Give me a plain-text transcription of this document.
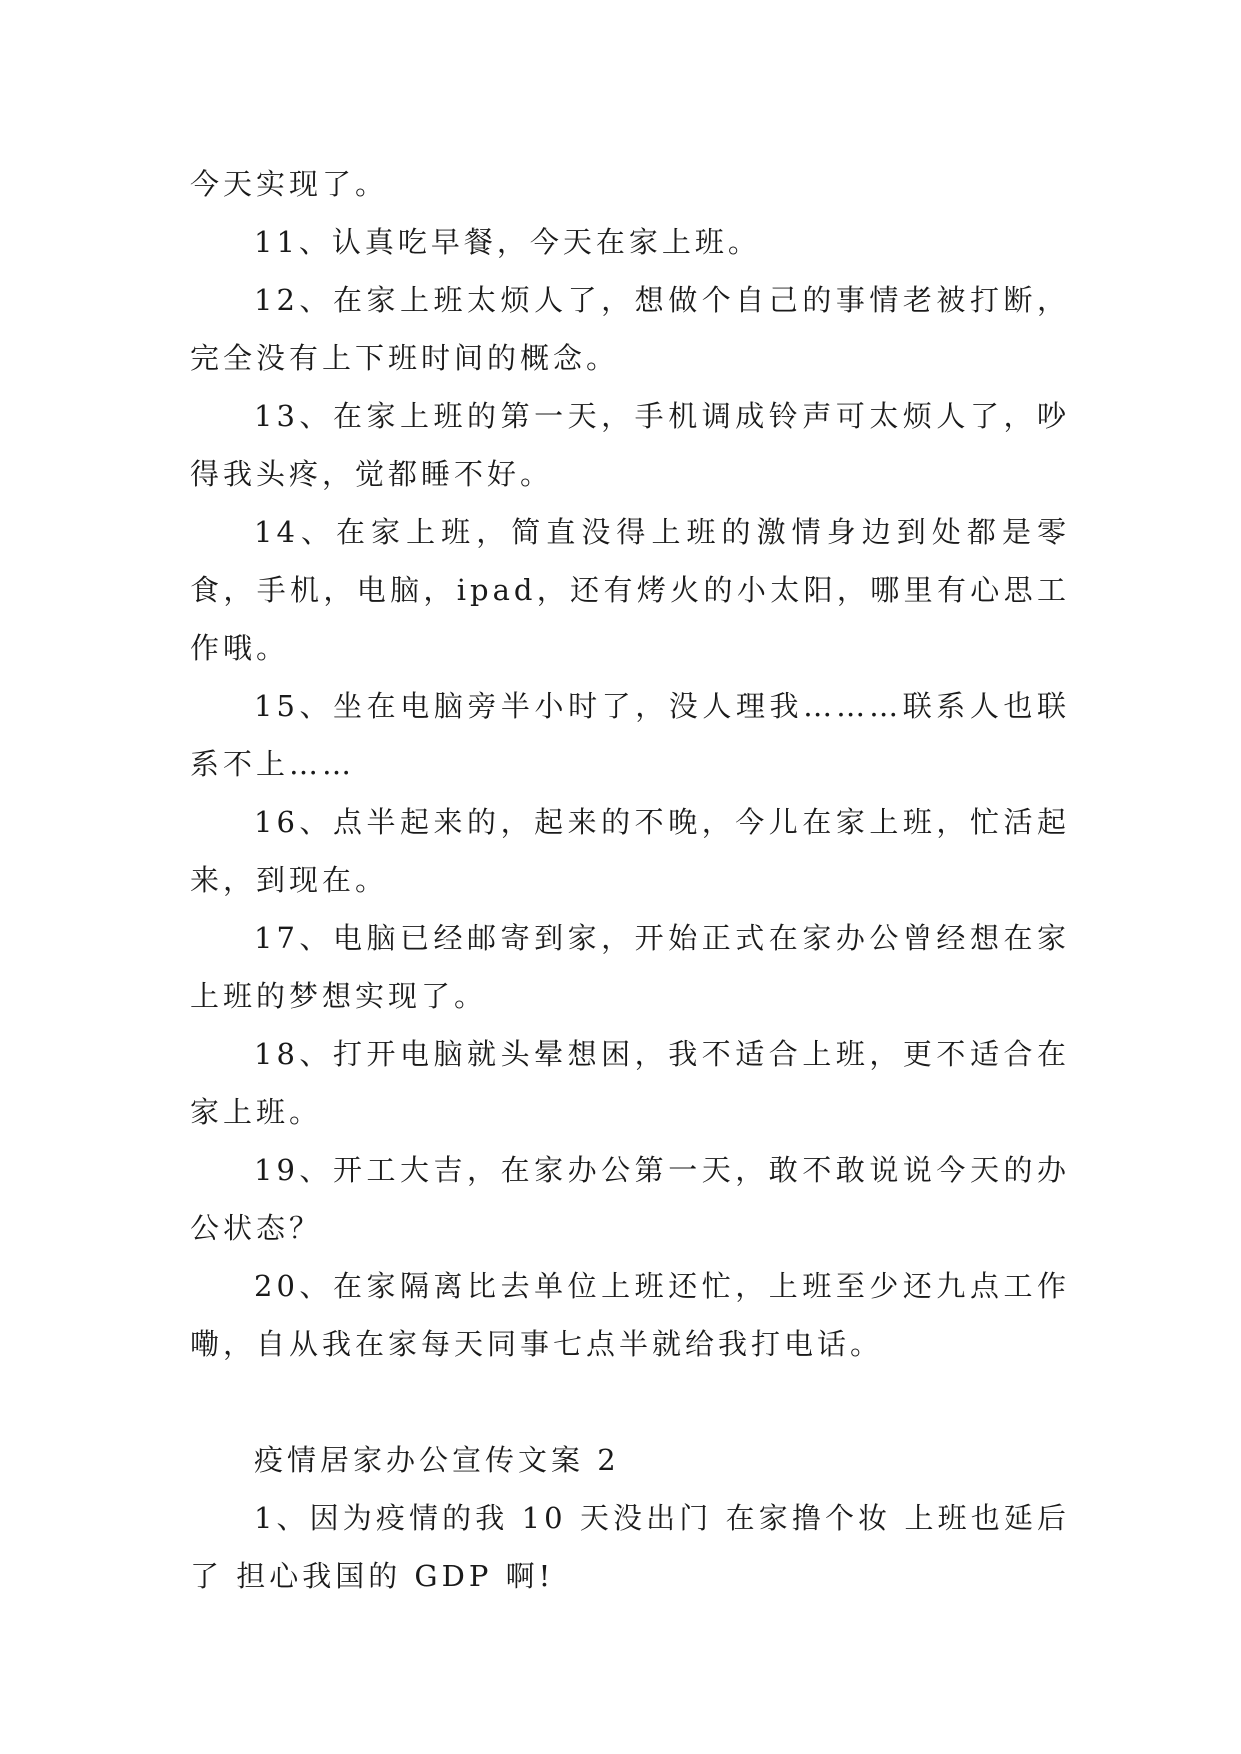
今天实现了。

11、认真吃早餐，今天在家上班。

12、在家上班太烦人了，想做个自己的事情老被打断，完全没有上下班时间的概念。

13、在家上班的第一天，手机调成铃声可太烦人了，吵得我头疼，觉都睡不好。

14、在家上班，简直没得上班的激情身边到处都是零食，手机，电脑，ipad，还有烤火的小太阳，哪里有心思工作哦。

15、坐在电脑旁半小时了，没人理我………联系人也联系不上……

16、点半起来的，起来的不晚，今儿在家上班，忙活起来，到现在。

17、电脑已经邮寄到家，开始正式在家办公曾经想在家上班的梦想实现了。

18、打开电脑就头晕想困，我不适合上班，更不适合在家上班。

19、开工大吉，在家办公第一天，敢不敢说说今天的办公状态？

20、在家隔离比去单位上班还忙，上班至少还九点工作嘞，自从我在家每天同事七点半就给我打电话。

疫情居家办公宣传文案 2

1、因为疫情的我 10 天没出门 在家撸个妆 上班也延后了 担心我国的 GDP 啊!
